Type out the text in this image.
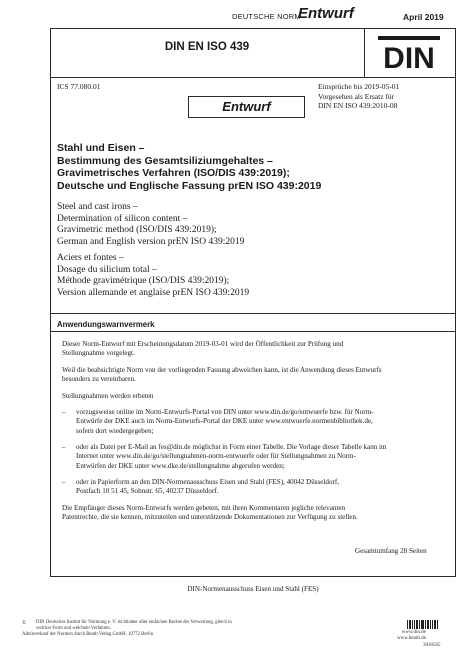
DEUTSCHE NORM
Entwurf	April 2019
DIN EN ISO 439	DIN
ICS 77.080.01	Einsprüche bis 2019-05-01
Vorgesehen als Ersatz für
DIN EN ISO 439:2010-08
Entwurf
Stahl und Eisen –
Bestimmung des Gesamtsiliziumgehaltes –
Gravimetrisches Verfahren (ISO/DIS 439:2019);
Deutsche und Englische Fassung prEN ISO 439:2019
Steel and cast irons –
Determination of silicon content –
Gravimetric method (ISO/DIS 439:2019);
German and English version prEN ISO 439:2019
Aciers et fontes –
Dosage du silicium total –
Méthode gravimétrique (ISO/DIS 439:2019);
Version allemande et anglaise prEN ISO 439:2019
Anwendungswarnvermerk
Dieser Norm-Entwurf mit Erscheinungsdatum 2019-03-01 wird der Öffentlichkeit zur Prüfung und
Stellungnahme vorgelegt.
Weil die beabsichtigte Norm von der vorliegenden Fassung abweichen kann, ist die Anwendung dieses Entwurfs
besonders zu vereinbaren.
Stellungnahmen werden erbeten
– vorzugsweise online im Norm-Entwurfs-Portal von DIN unter www.din.de/go/entwuerfe bzw. für Norm-
Entwürfe der DKE auch im Norm-Entwurfs-Portal der DKE unter www.entwuerfe.normenbibliothek.de,
sofern dort wiedergegeben;
– oder als Datei per E-Mail an fes@din.de möglichst in Form einer Tabelle. Die Vorlage dieser Tabelle kann im
Internet unter www.din.de/go/stellungnahmen-norm-entwuerfe oder für Stellungnahmen zu Norm-
Entwürfen der DKE unter www.dke.de/stellungnahme abgerufen werden;
– oder in Papierform an den DIN-Normenausschuss Eisen und Stahl (FES), 40042 Düsseldorf,
Postfach 10 51 45, Sohnstr. 65, 40237 Düsseldorf.
Die Empfänger dieses Norm-Entwurfs werden gebeten, mit ihren Kommentaren jegliche relevanten
Patentrechte, die sie kennen, mitzuteilen und unterstützende Dokumentationen zur Verfügung zu stellen.
Gesamtumfang 28 Seiten
DIN-Normenausschuss Eisen und Stahl (FES)
© DIN Deutsches Institut für Normung e. V. ist Inhaber aller einfachen Rechte der Verwertung, gleich in
welcher Form und welchem Verfahren.
Alleinverkauf der Normen durch Beuth Verlag GmbH, 10772 Berlin	www.din.de
www.beuth.de
3030565
